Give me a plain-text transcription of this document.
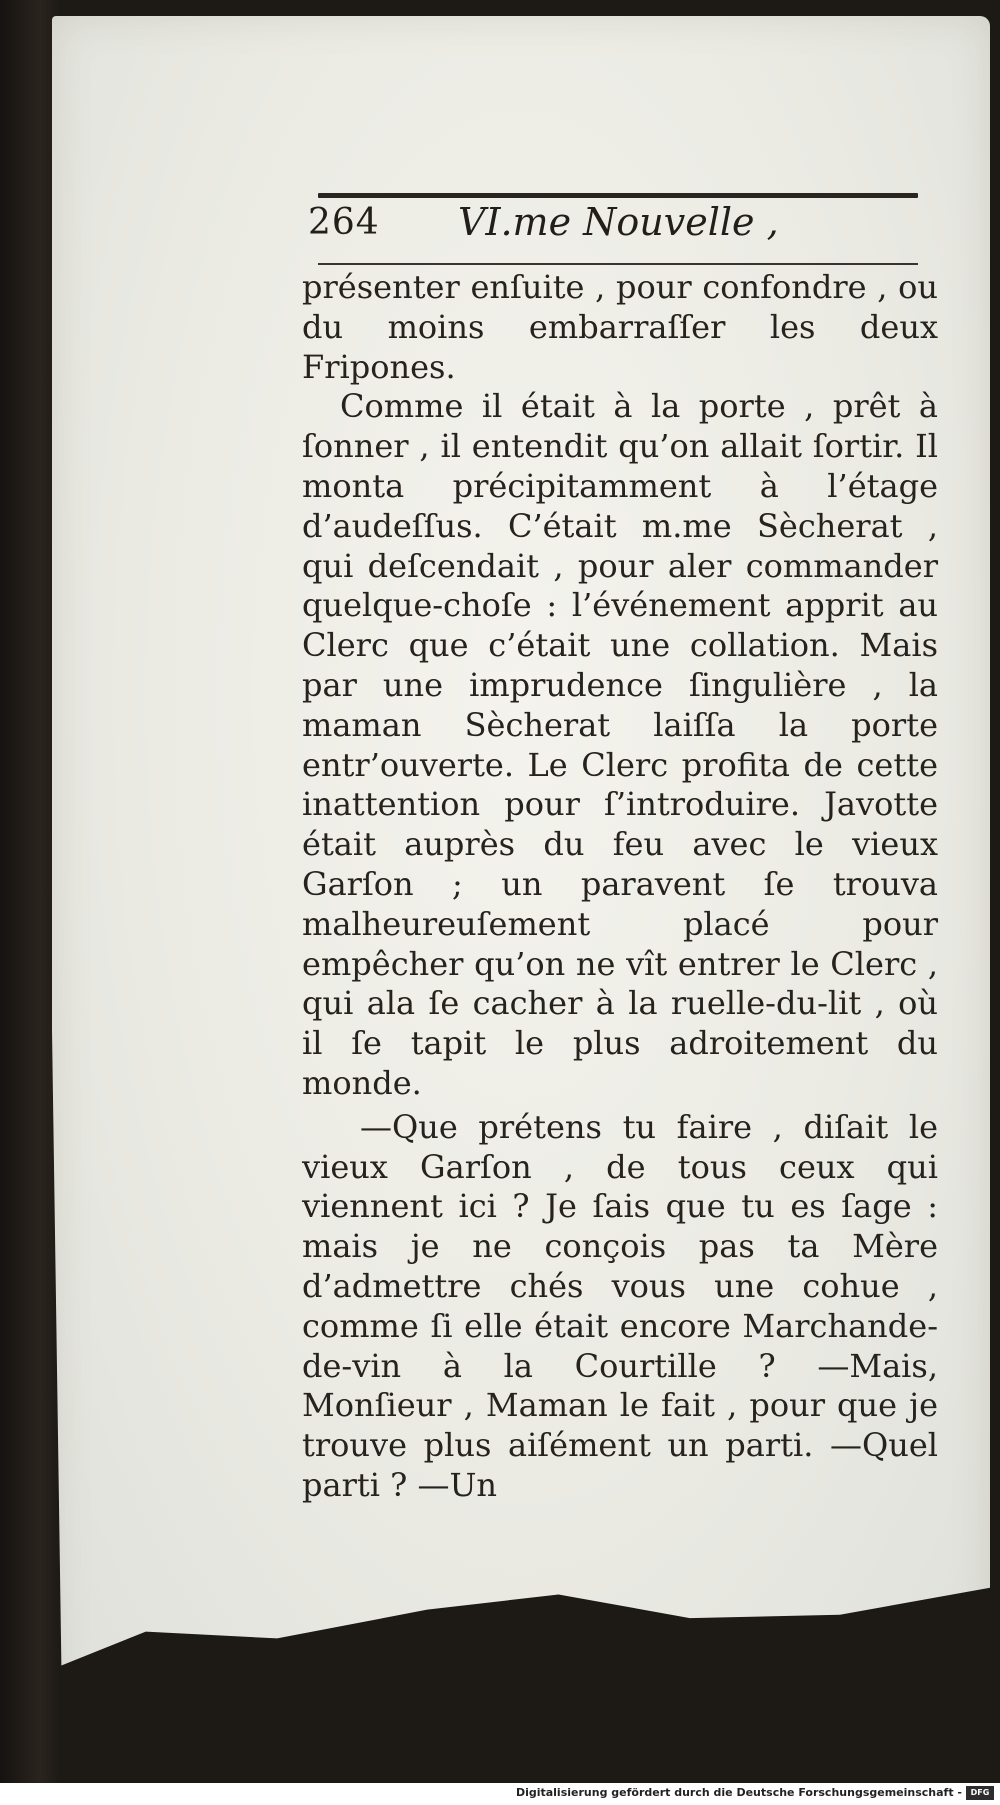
264 VI.me Nouvelle ,

présenter enſuite , pour confondre , ou du moins embarraſſer les deux Fripones.

Comme il était à la porte , prêt à ſonner , il entendit qu’on allait ſortir. Il monta précipitamment à l’étage d’audeſſus. C’était m.me Sècherat , qui deſcendait , pour aler commander quelque-choſe : l’événement apprit au Clerc que c’était une collation. Mais par une imprudence ſingulière , la maman Sècherat laiſſa la porte entr’ouverte. Le Clerc profita de cette inattention pour ſ’introduire. Javotte était auprès du feu avec le vieux Garſon ; un paravent ſe trouva malheureuſement placé pour empêcher qu’on ne vît entrer le Clerc , qui ala ſe cacher à la ruelle-du-lit , où il ſe tapit le plus adroitement du monde.

—Que prétens tu faire , diſait le vieux Garſon , de tous ceux qui viennent ici ? Je ſais que tu es ſage : mais je ne conçois pas ta Mère d’admettre chés vous une cohue , comme ſi elle était encore Marchande-de-vin à la Courtille ? —Mais, Monſieur , Maman le fait , pour que je trouve plus aiſément un parti. —Quel parti ? —Un

Digitalisierung gefördert durch die Deutsche Forschungsgemeinschaft -	DFG
